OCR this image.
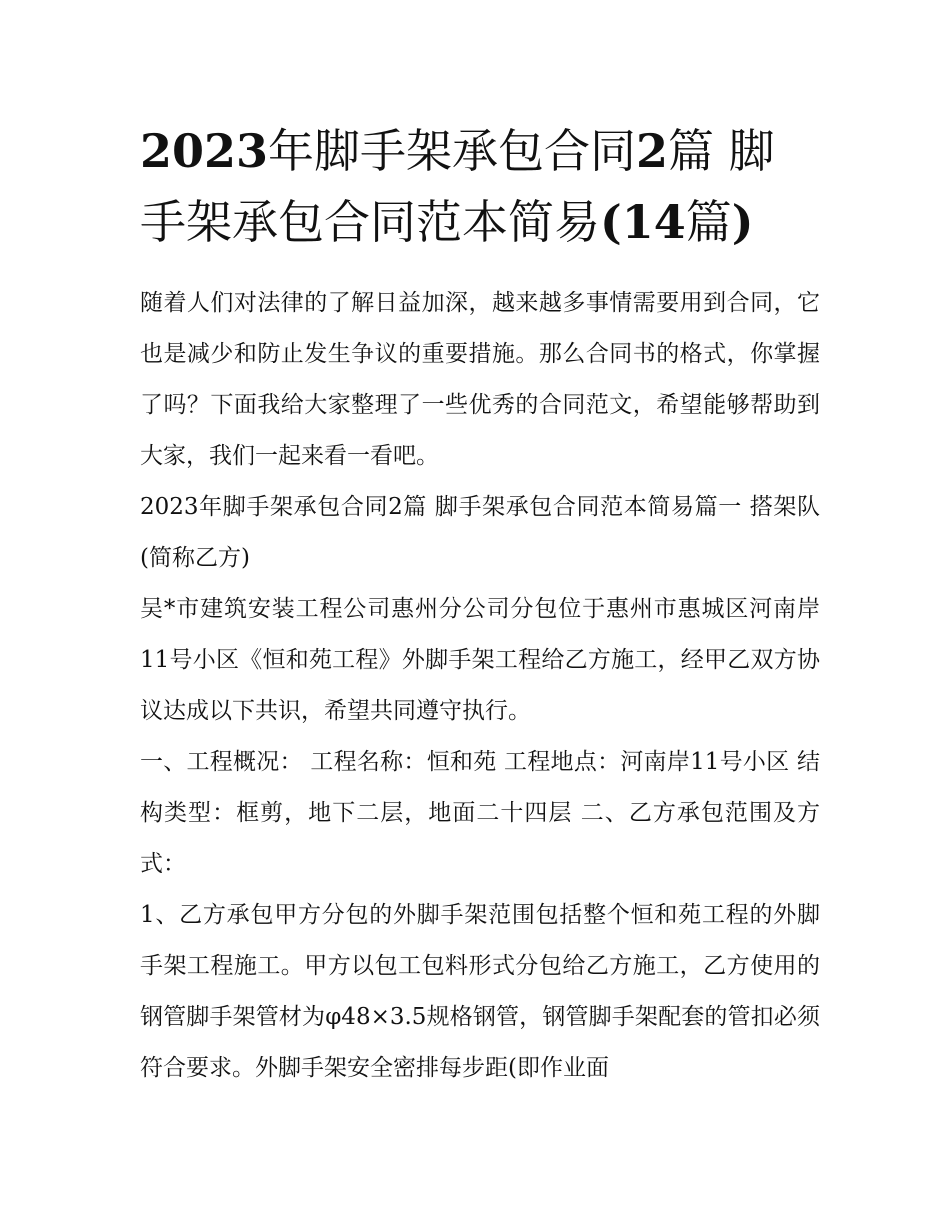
2023年脚手架承包合同2篇 脚手架承包合同范本简易(14篇)

随着人们对法律的了解日益加深，越来越多事情需要用到合同，它也是减少和防止发生争议的重要措施。那么合同书的格式，你掌握了吗？下面我给大家整理了一些优秀的合同范文，希望能够帮助到大家，我们一起来看一看吧。

2023年脚手架承包合同2篇 脚手架承包合同范本简易篇一 搭架队(简称乙方)

吴*市建筑安装工程公司惠州分公司分包位于惠州市惠城区河南岸11号小区《恒和苑工程》外脚手架工程给乙方施工，经甲乙双方协议达成以下共识，希望共同遵守执行。

一、工程概况： 工程名称：恒和苑 工程地点：河南岸11号小区 结构类型：框剪，地下二层，地面二十四层 二、乙方承包范围及方式：

1、乙方承包甲方分包的外脚手架范围包括整个恒和苑工程的外脚手架工程施工。甲方以包工包料形式分包给乙方施工，乙方使用的钢管脚手架管材为φ48×3.5规格钢管，钢管脚手架配套的管扣必须符合要求。外脚手架安全密排每步距(即作业面
